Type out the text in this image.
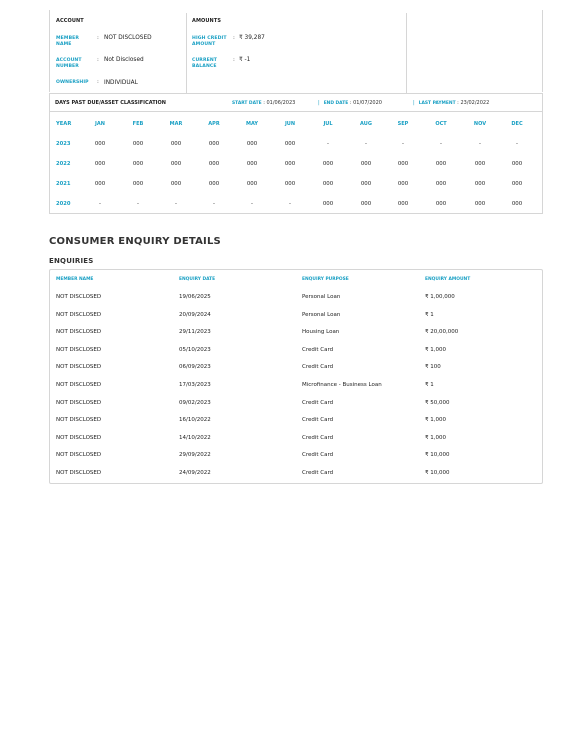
ACCOUNT
MEMBER NAME
: NOT DISCLOSED
ACCOUNT NUMBER
: Not Disclosed
OWNERSHIP : INDIVIDUAL
AMOUNTS
HIGH CREDIT AMOUNT
: ₹ 39,287
CURRENT BALANCE
: ₹ -1
DAYS PAST DUE/ASSET CLASSIFICATION	START DATE : 01/06/2023	| END DATE : 01/07/2020	| LAST PAYMENT : 23/02/2022
YEAR	JAN	FEB	MAR	APR	MAY	JUN	JUL	AUG	SEP	OCT	NOV	DEC
2023	000	000	000	000	000	000	-	-	-	-	-	-
2022	000	000	000	000	000	000	000	000	000	000	000	000
2021	000	000	000	000	000	000	000	000	000	000	000	000
2020	-	-	-	-	-	-	000	000	000	000	000	000
CONSUMER ENQUIRY DETAILS
ENQUIRIES
MEMBER NAME	ENQUIRY DATE	ENQUIRY PURPOSE	ENQUIRY AMOUNT
NOT DISCLOSED	19/06/2025	Personal Loan	₹ 1,00,000
NOT DISCLOSED	20/09/2024	Personal Loan	₹ 1
NOT DISCLOSED	29/11/2023	Housing Loan	₹ 20,00,000
NOT DISCLOSED	05/10/2023	Credit Card	₹ 1,000
NOT DISCLOSED	06/09/2023	Credit Card	₹ 100
NOT DISCLOSED	17/03/2023	Microfinance - Business Loan	₹ 1
NOT DISCLOSED	09/02/2023	Credit Card	₹ 50,000
NOT DISCLOSED	16/10/2022	Credit Card	₹ 1,000
NOT DISCLOSED	14/10/2022	Credit Card	₹ 1,000
NOT DISCLOSED	29/09/2022	Credit Card	₹ 10,000
NOT DISCLOSED	24/09/2022	Credit Card	₹ 10,000
